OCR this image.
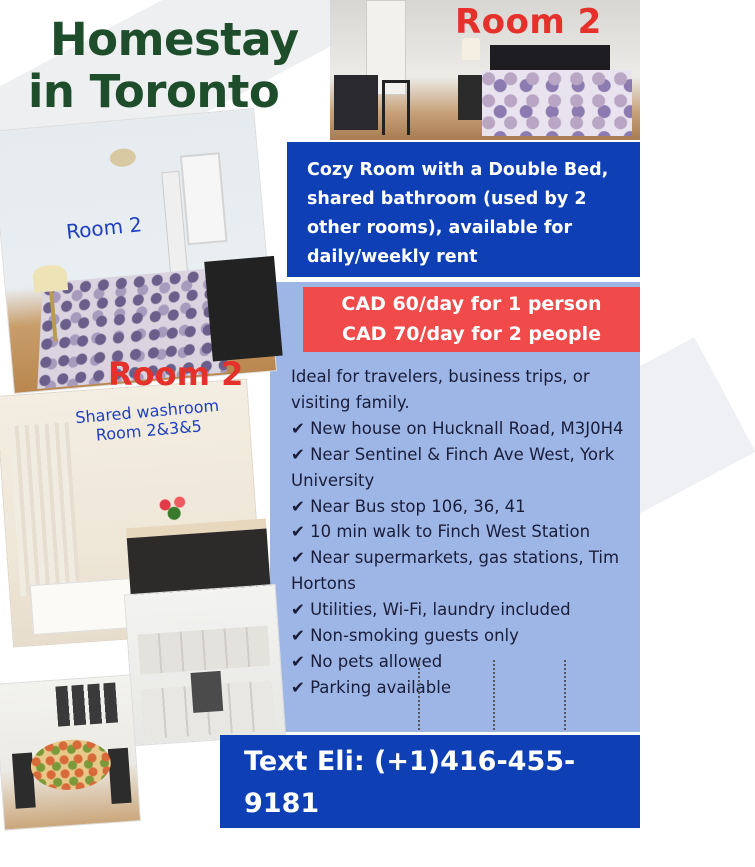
Homestay
in Toronto
Room 2
Room 2
Shared washroom Room 2&3&5
Room 2
Cozy Room with a Double Bed, shared bathroom (used by 2 other rooms), available for daily/weekly rent
CAD 60/day for 1 person
CAD 70/day for 2 people
Ideal for travelers, business trips, or visiting family.
✔ New house on Hucknall Road, M3J0H4
✔ Near Sentinel & Finch Ave West, York University
✔ Near Bus stop 106, 36, 41
✔ 10 min walk to Finch West Station
✔ Near supermarkets, gas stations, Tim Hortons
✔ Utilities, Wi-Fi, laundry included
✔ Non-smoking guests only
✔ No pets allowed
✔ Parking available
Text Eli: (+1)416-455-9181
Zalo/Viber/WhatsApp
